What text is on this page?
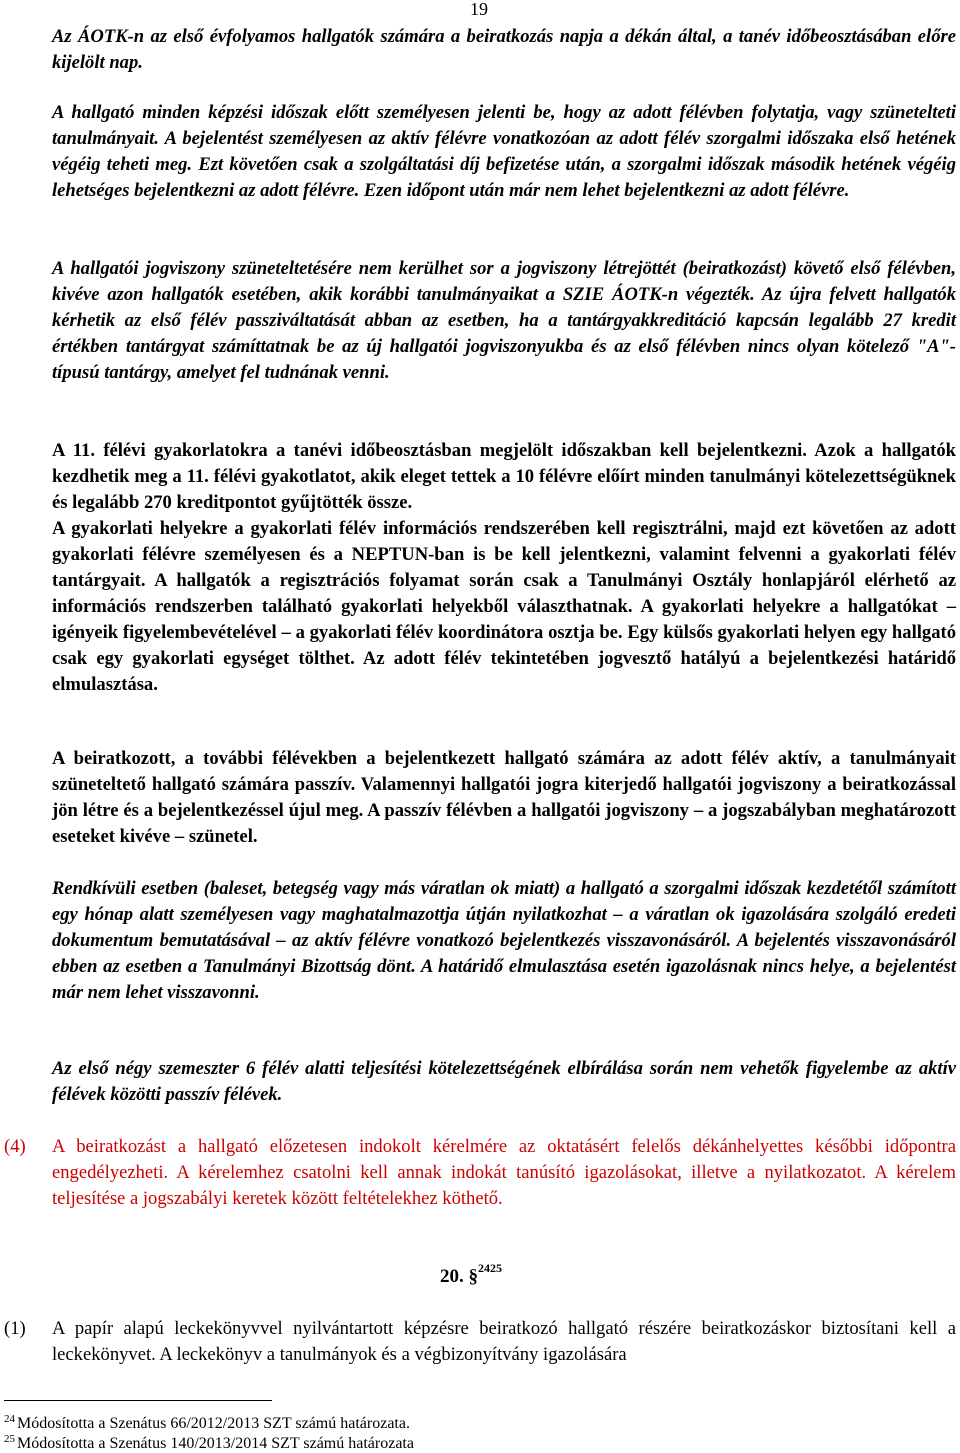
19

Az ÁOTK-n az első évfolyamos hallgatók számára a beiratkozás napja a dékán által, a tanév időbeosztásában előre kijelölt nap.

A hallgató minden képzési időszak előtt személyesen jelenti be, hogy az adott félévben folytatja, vagy szünetelteti tanulmányait. A bejelentést személyesen az aktív félévre vonatkozóan az adott félév szorgalmi időszaka első hetének végéig teheti meg. Ezt követően csak a szolgáltatási díj befizetése után, a szorgalmi időszak második hetének végéig lehetséges bejelentkezni az adott félévre. Ezen időpont után már nem lehet bejelentkezni az adott félévre.

A hallgatói jogviszony szüneteltetésére nem kerülhet sor a jogviszony létrejöttét (beiratkozást) követő első félévben, kivéve azon hallgatók esetében, akik korábbi tanulmányaikat a SZIE ÁOTK-n végezték. Az újra felvett hallgatók kérhetik az első félév passziváltatását abban az esetben, ha a tantárgyakkreditáció kapcsán legalább 27 kredit értékben tantárgyat számíttatnak be az új hallgatói jogviszonyukba és az első félévben nincs olyan kötelező "A"-típusú tantárgy, amelyet fel tudnának venni.

A 11. félévi gyakorlatokra a tanévi időbeosztásban megjelölt időszakban kell bejelentkezni. Azok a hallgatók kezdhetik meg a 11. félévi gyakotlatot, akik eleget tettek a 10 félévre előírt minden tanulmányi kötelezettségüknek és legalább 270 kreditpontot gyűjtötték össze.

A gyakorlati helyekre a gyakorlati félév információs rendszerében kell regisztrálni, majd ezt követően az adott gyakorlati félévre személyesen és a NEPTUN-ban is be kell jelentkezni, valamint felvenni a gyakorlati félév tantárgyait. A hallgatók a regisztrációs folyamat során csak a Tanulmányi Osztály honlapjáról elérhető az információs rendszerben található gyakorlati helyekből választhatnak. A gyakorlati helyekre a hallgatókat – igényeik figyelembevételével – a gyakorlati félév koordinátora osztja be. Egy külsős gyakorlati helyen egy hallgató csak egy gyakorlati egységet tölthet. Az adott félév tekintetében jogvesztő hatályú a bejelentkezési határidő elmulasztása.

A beiratkozott, a további félévekben a bejelentkezett hallgató számára az adott félév aktív, a tanulmányait szüneteltető hallgató számára passzív. Valamennyi hallgatói jogra kiterjedő hallgatói jogviszony a beiratkozással jön létre és a bejelentkezéssel újul meg. A passzív félévben a hallgatói jogviszony – a jogszabályban meghatározott eseteket kivéve – szünetel.

Rendkívüli esetben (baleset, betegség vagy más váratlan ok miatt) a hallgató a szorgalmi időszak kezdetétől számított egy hónap alatt személyesen vagy maghatalmazottja útján nyilatkozhat – a váratlan ok igazolására szolgáló eredeti dokumentum bemutatásával – az aktív félévre vonatkozó bejelentkezés visszavonásáról. A bejelentés visszavonásáról ebben az esetben a Tanulmányi Bizottság dönt. A határidő elmulasztása esetén igazolásnak nincs helye, a bejelentést már nem lehet visszavonni.

Az első négy szemeszter 6 félév alatti teljesítési kötelezettségének elbírálása során nem vehetők figyelembe az aktív félévek közötti passzív félévek.

(4) A beiratkozást a hallgató előzetesen indokolt kérelmére az oktatásért felelős dékánhelyettes későbbi időpontra engedélyezheti. A kérelemhez csatolni kell annak indokát tanúsító igazolásokat, illetve a nyilatkozatot. A kérelem teljesítése a jogszabályi keretek között feltételekhez köthető.

20. §$^{2425}$
(1) A papír alapú leckekönyvvel nyilvántartott képzésre beiratkozó hallgató részére beiratkozáskor biztosítani kell a leckekönyvet. A leckekönyv a tanulmányok és a végbizonyítvány igazolására

$^{24}$ Módosította a Szenátus 66/2012/2013 SZT számú határozata.
$^{25}$ Módosította a Szenátus 140/2013/2014 SZT számú határozata
